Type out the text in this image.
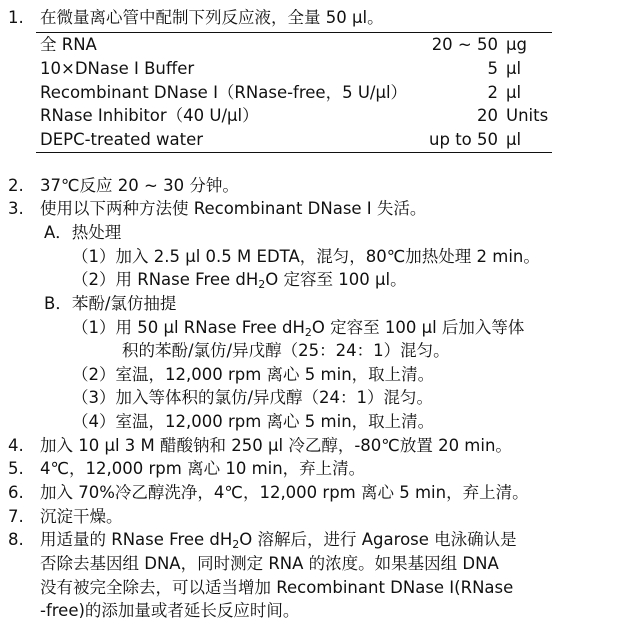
1. 在微量离心管中配制下列反应液，全量 50 μl。
全 RNA	20 ~ 50 μg
10×DNase I Buffer	5 μl
Recombinant DNase I（RNase-free，5 U/μl）	2 μl
RNase Inhibitor（40 U/μl）	20 Units
DEPC-treated water	up to 50 μl
2. 37℃反应 20 ~ 30 分钟。
3. 使用以下两种方法使 Recombinant DNase I 失活。
A．热处理
（1）加入 2.5 μl 0.5 M EDTA，混匀，80℃加热处理 2 min。
（2）用 RNase Free dH2O 定容至 100 μl。
B．苯酚/氯仿抽提
（1）用 50 μl RNase Free dH2O 定容至 100 μl 后加入等体
积的苯酚/氯仿/异戊醇（25：24：1）混匀。
（2）室温，12,000 rpm 离心 5 min，取上清。
（3）加入等体积的氯仿/异戊醇（24：1）混匀。
（4）室温，12,000 rpm 离心 5 min，取上清。
4. 加入 10 μl 3 M 醋酸钠和 250 μl 冷乙醇，-80℃放置 20 min。
5. 4℃，12,000 rpm 离心 10 min，弃上清。
6. 加入 70%冷乙醇洗净，4℃，12,000 rpm 离心 5 min，弃上清。
7. 沉淀干燥。
8. 用适量的 RNase Free dH2O 溶解后，进行 Agarose 电泳确认是
否除去基因组 DNA，同时测定 RNA 的浓度。如果基因组 DNA
没有被完全除去，可以适当增加 Recombinant DNase I(RNase
-free)的添加量或者延长反应时间。
